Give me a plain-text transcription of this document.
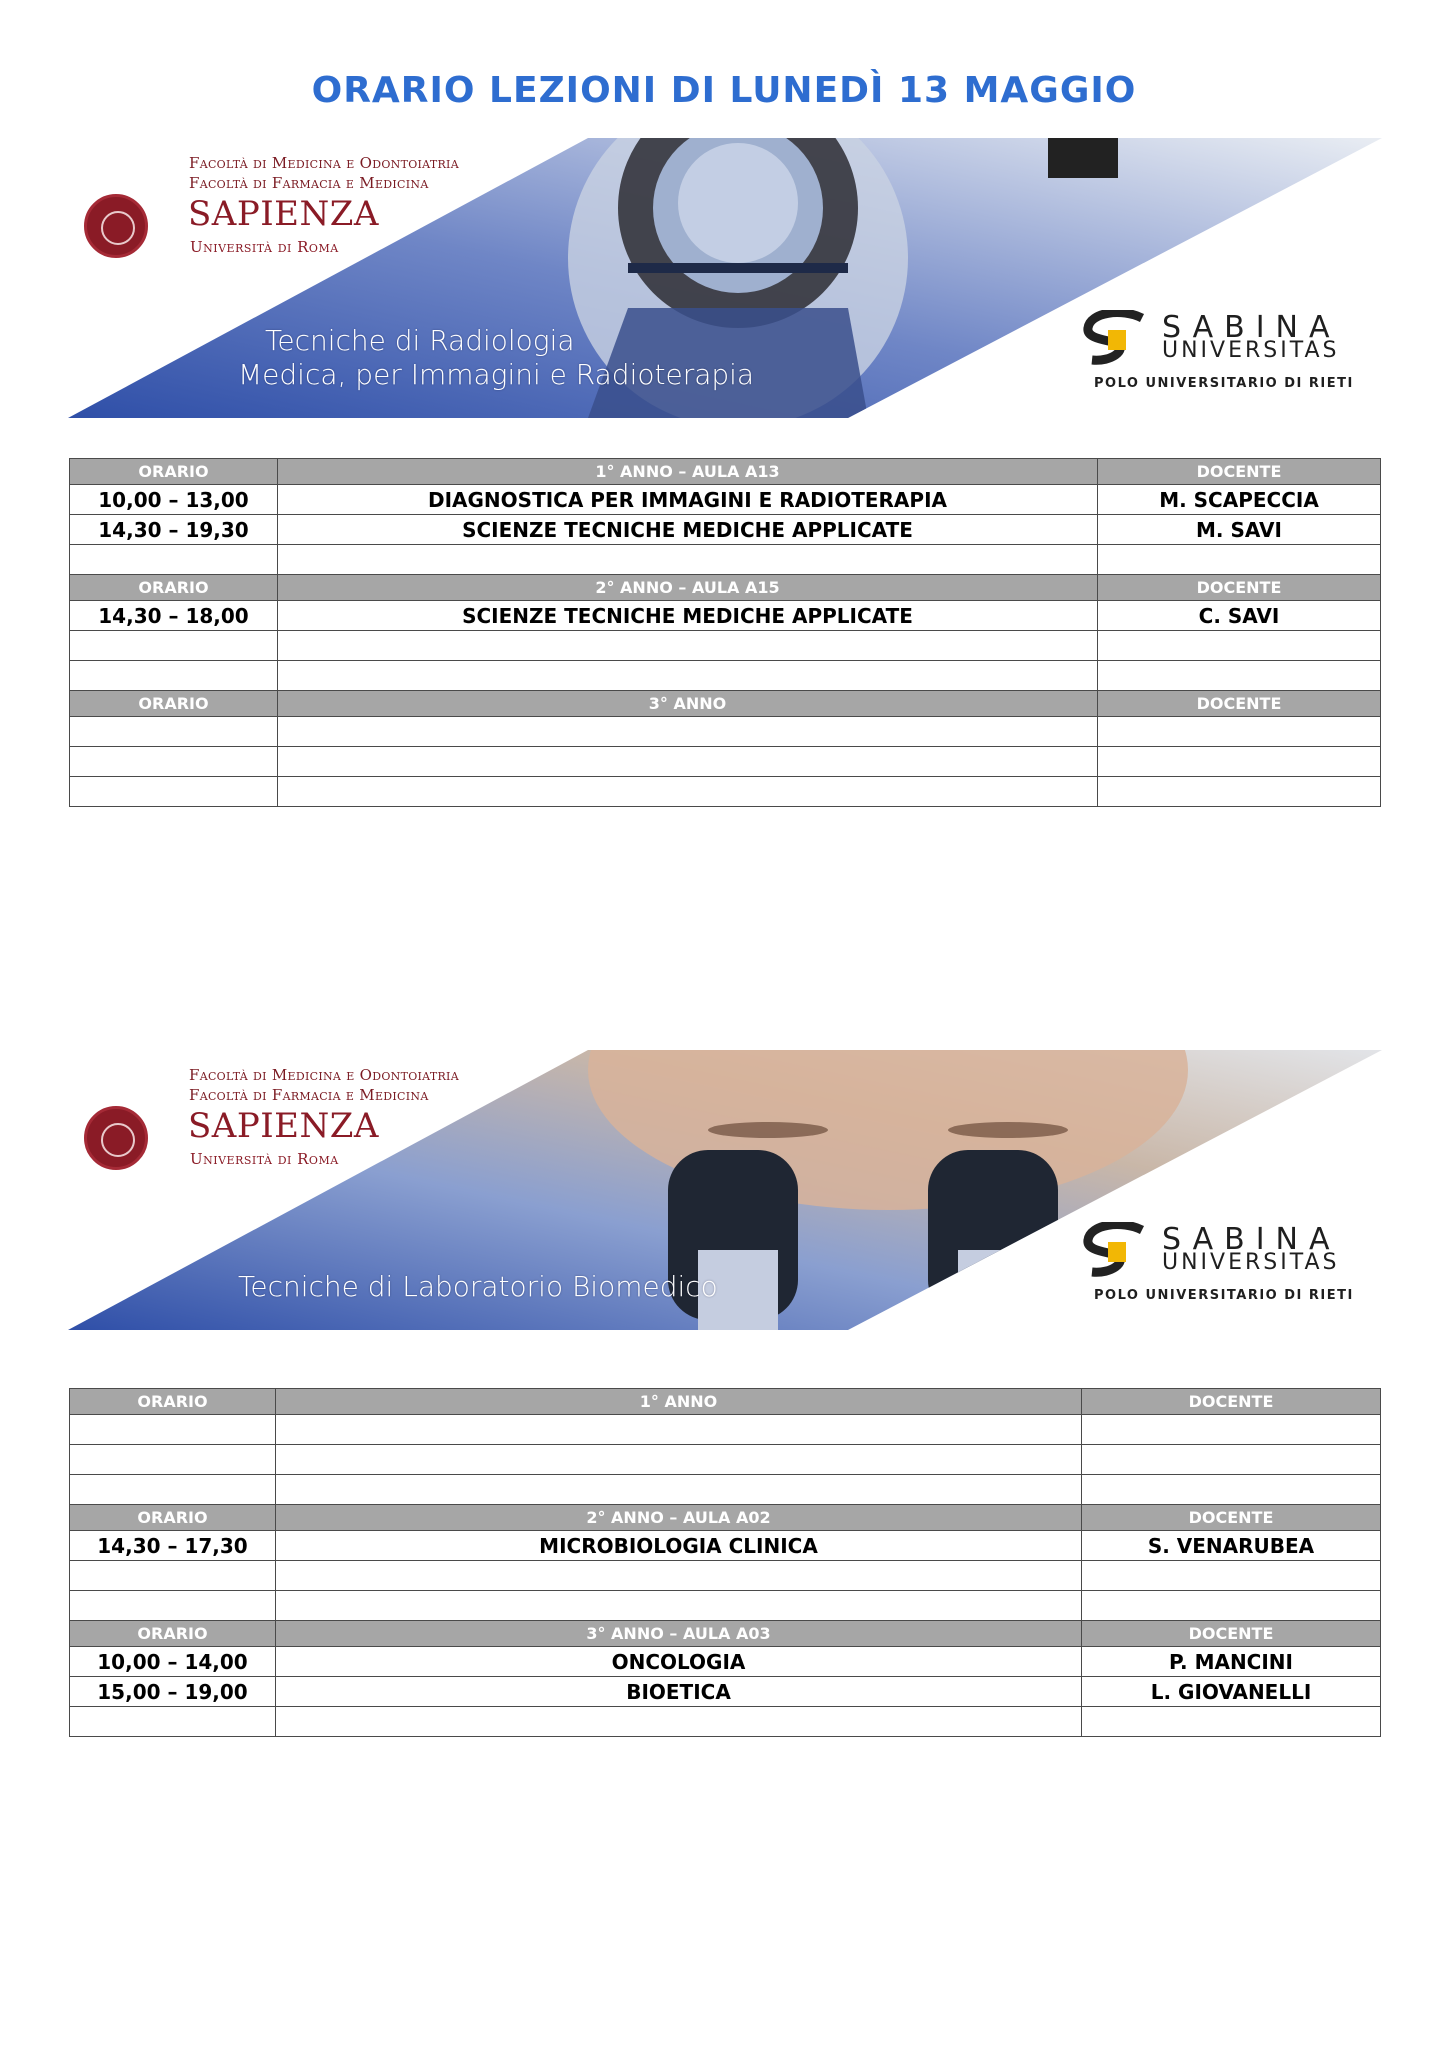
ORARIO LEZIONI DI LUNEDÌ 13 MAGGIO
Facoltà di Medicina e Odontoiatria
Facoltà di Farmacia e Medicina
SAPIENZA
Università di Roma
Tecniche di Radiologia
Medica, per Immagini e Radioterapia
SABINA
UNIVERSITAS
POLO UNIVERSITARIO DI RIETI
ORARIO	1° ANNO – AULA A13	DOCENTE
10,00 – 13,00	DIAGNOSTICA PER IMMAGINI E RADIOTERAPIA	M. SCAPECCIA
14,30 – 19,30	SCIENZE TECNICHE MEDICHE APPLICATE	M. SAVI

ORARIO	2° ANNO – AULA A15	DOCENTE
14,30 – 18,00	SCIENZE TECNICHE MEDICHE APPLICATE	C. SAVI

ORARIO	3° ANNO	DOCENTE

Facoltà di Medicina e Odontoiatria
Facoltà di Farmacia e Medicina
SAPIENZA
Università di Roma
Tecniche di Laboratorio Biomedico
SABINA
UNIVERSITAS
POLO UNIVERSITARIO DI RIETI
ORARIO	1° ANNO	DOCENTE

ORARIO	2° ANNO – AULA A02	DOCENTE
14,30 – 17,30	MICROBIOLOGIA CLINICA	S. VENARUBEA

ORARIO	3° ANNO – AULA A03	DOCENTE
10,00 – 14,00	ONCOLOGIA	P. MANCINI
15,00 – 19,00	BIOETICA	L. GIOVANELLI
